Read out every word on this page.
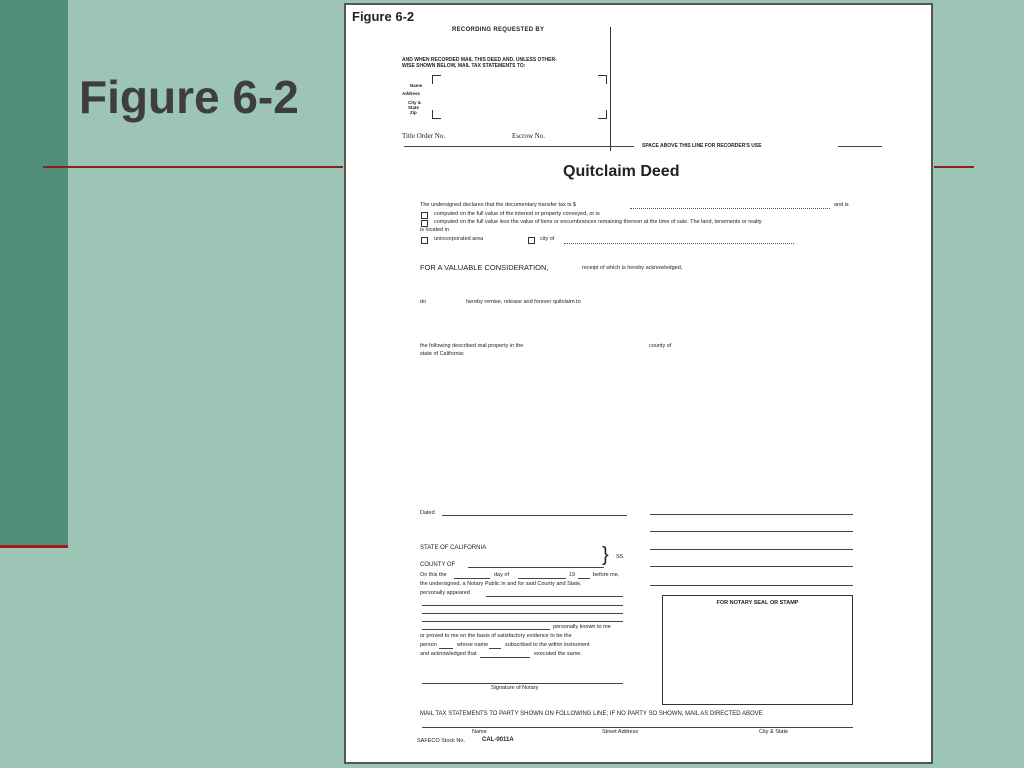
Figure 6-2
Figure 6-2
RECORDING REQUESTED BY
AND WHEN RECORDED MAIL THIS DEED AND, UNLESS OTHER-
WISE SHOWN BELOW, MAIL TAX STATEMENTS TO:
Name
Address
City &
State
Zip
Title Order No.	Escrow No.
SPACE ABOVE THIS LINE FOR RECORDER'S USE
Quitclaim Deed
The undersigned declares that the documentary transfer tax is $	and is
computed on the full value of the interest or property conveyed, or is
computed on the full value less the value of liens or encumbrances remaining thereon at the time of sale. The land, tenements or realty
is located in
unincorporated area	city of
FOR A VALUABLE CONSIDERATION,	receipt of which is hereby acknowledged,
do	hereby remise, release and forever quitclaim to
the following described real property in the	county of
state of California:
Dated
STATE OF CALIFORNIA
COUNTY OF	} SS
On this the	day of	19	before me,
the undersigned, a Notary Public in and for said County and State,
personally appeared
personally known to me
or proved to me on the basis of satisfactory evidence to be the
person	whose name	subscribed to the within instrument
and acknowledged that	executed the same.
Signature of Notary
FOR NOTARY SEAL OR STAMP
MAIL TAX STATEMENTS TO PARTY SHOWN ON FOLLOWING LINE; IF NO PARTY SO SHOWN, MAIL AS DIRECTED ABOVE
Name	Street Address	City & State
SAFECO Stock No.	CAL-0011A
